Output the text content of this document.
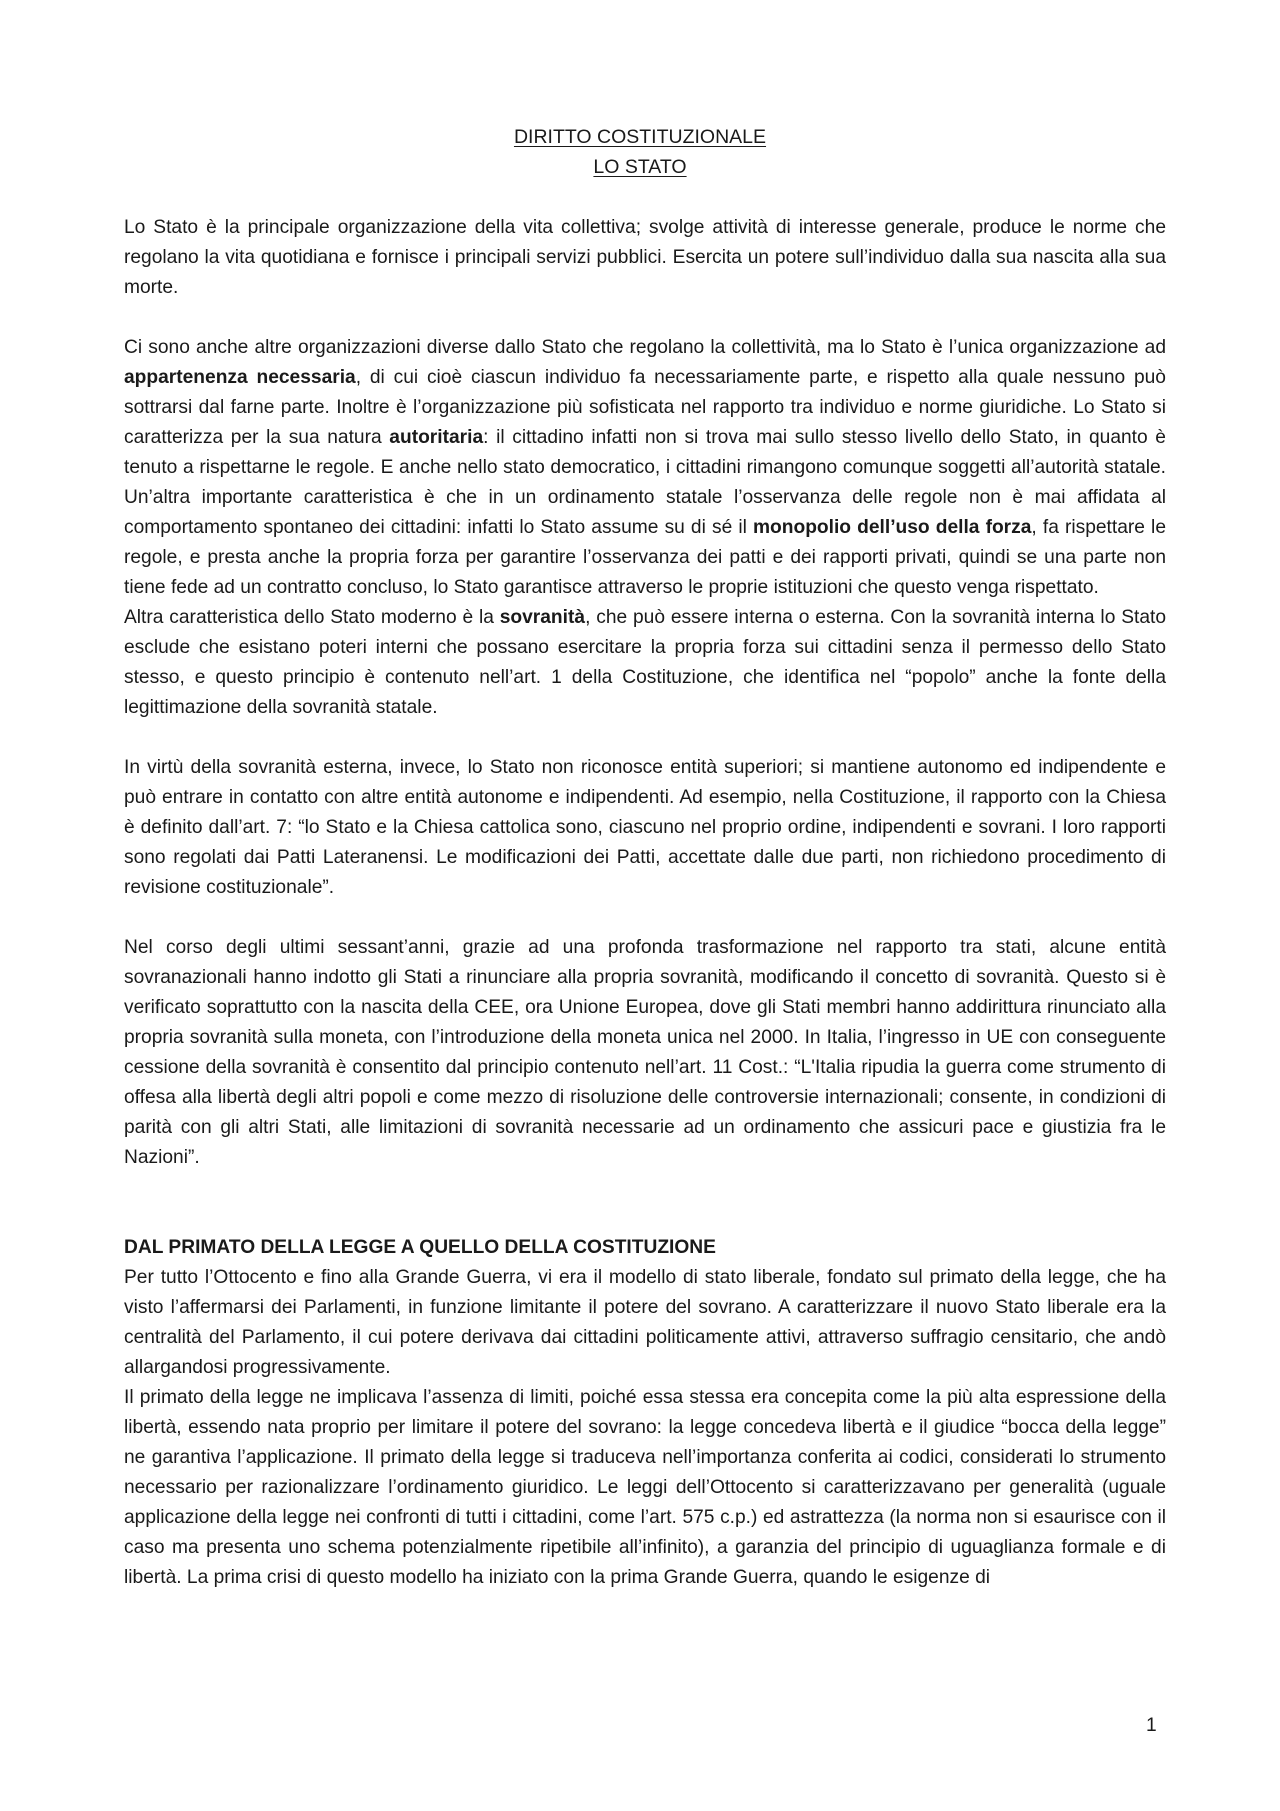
DIRITTO COSTITUZIONALE
LO STATO

Lo Stato è la principale organizzazione della vita collettiva; svolge attività di interesse generale, produce le norme che regolano la vita quotidiana e fornisce i principali servizi pubblici. Esercita un potere sull’individuo dalla sua nascita alla sua morte.

Ci sono anche altre organizzazioni diverse dallo Stato che regolano la collettività, ma lo Stato è l’unica organizzazione ad appartenenza necessaria, di cui cioè ciascun individuo fa necessariamente parte, e rispetto alla quale nessuno può sottrarsi dal farne parte. Inoltre è l’organizzazione più sofisticata nel rapporto tra individuo e norme giuridiche. Lo Stato si caratterizza per la sua natura autoritaria: il cittadino infatti non si trova mai sullo stesso livello dello Stato, in quanto è tenuto a rispettarne le regole. E anche nello stato democratico, i cittadini rimangono comunque soggetti all’autorità statale. Un’altra importante caratteristica è che in un ordinamento statale l’osservanza delle regole non è mai affidata al comportamento spontaneo dei cittadini: infatti lo Stato assume su di sé il monopolio dell’uso della forza, fa rispettare le regole, e presta anche la propria forza per garantire l’osservanza dei patti e dei rapporti privati, quindi se una parte non tiene fede ad un contratto concluso, lo Stato garantisce attraverso le proprie istituzioni che questo venga rispettato.

Altra caratteristica dello Stato moderno è la sovranità, che può essere interna o esterna. Con la sovranità interna lo Stato esclude che esistano poteri interni che possano esercitare la propria forza sui cittadini senza il permesso dello Stato stesso, e questo principio è contenuto nell’art. 1 della Costituzione, che identifica nel “popolo” anche la fonte della legittimazione della sovranità statale.

In virtù della sovranità esterna, invece, lo Stato non riconosce entità superiori; si mantiene autonomo ed indipendente e può entrare in contatto con altre entità autonome e indipendenti. Ad esempio, nella Costituzione, il rapporto con la Chiesa è definito dall’art. 7: “lo Stato e la Chiesa cattolica sono, ciascuno nel proprio ordine, indipendenti e sovrani. I loro rapporti sono regolati dai Patti Lateranensi. Le modificazioni dei Patti, accettate dalle due parti, non richiedono procedimento di revisione costituzionale”.

Nel corso degli ultimi sessant’anni, grazie ad una profonda trasformazione nel rapporto tra stati, alcune entità sovranazionali hanno indotto gli Stati a rinunciare alla propria sovranità, modificando il concetto di sovranità. Questo si è verificato soprattutto con la nascita della CEE, ora Unione Europea, dove gli Stati membri hanno addirittura rinunciato alla propria sovranità sulla moneta, con l’introduzione della moneta unica nel 2000. In Italia, l’ingresso in UE con conseguente cessione della sovranità è consentito dal principio contenuto nell’art. 11 Cost.: “L'Italia ripudia la guerra come strumento di offesa alla libertà degli altri popoli e come mezzo di risoluzione delle controversie internazionali; consente, in condizioni di parità con gli altri Stati, alle limitazioni di sovranità necessarie ad un ordinamento che assicuri pace e giustizia fra le Nazioni”.

DAL PRIMATO DELLA LEGGE A QUELLO DELLA COSTITUZIONE

Per tutto l’Ottocento e fino alla Grande Guerra, vi era il modello di stato liberale, fondato sul primato della legge, che ha visto l’affermarsi dei Parlamenti, in funzione limitante il potere del sovrano. A caratterizzare il nuovo Stato liberale era la centralità del Parlamento, il cui potere derivava dai cittadini politicamente attivi, attraverso suffragio censitario, che andò allargandosi progressivamente.

Il primato della legge ne implicava l’assenza di limiti, poiché essa stessa era concepita come la più alta espressione della libertà, essendo nata proprio per limitare il potere del sovrano: la legge concedeva libertà e il giudice “bocca della legge” ne garantiva l’applicazione. Il primato della legge si traduceva nell’importanza conferita ai codici, considerati lo strumento necessario per razionalizzare l’ordinamento giuridico. Le leggi dell’Ottocento si caratterizzavano per generalità (uguale applicazione della legge nei confronti di tutti i cittadini, come l’art. 575 c.p.) ed astrattezza (la norma non si esaurisce con il caso ma presenta uno schema potenzialmente ripetibile all’infinito), a garanzia del principio di uguaglianza formale e di libertà. La prima crisi di questo modello ha iniziato con la prima Grande Guerra, quando le esigenze di

1
